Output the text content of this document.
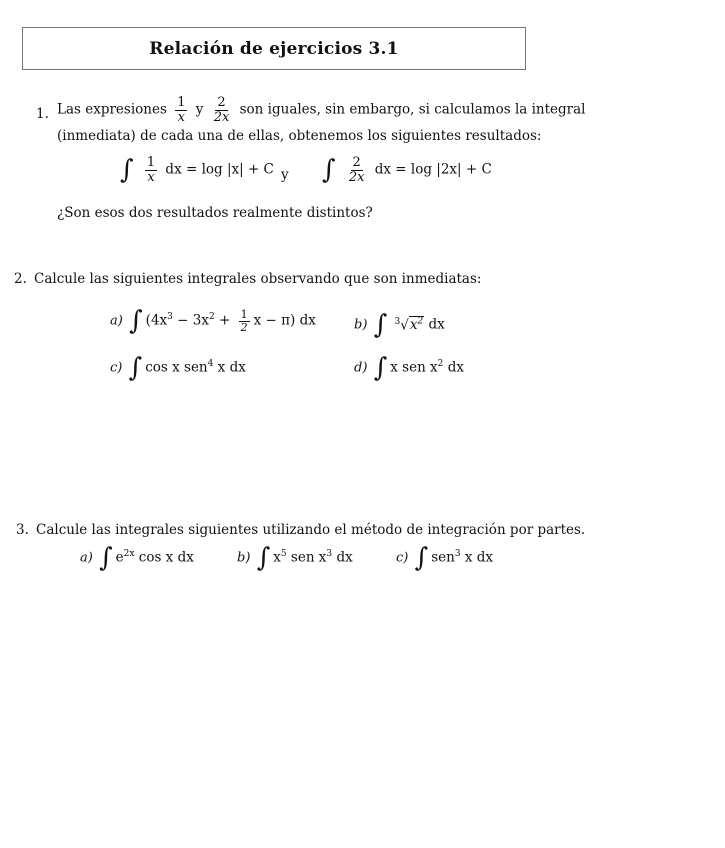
Relación de ejercicios 3.1
1. Las expresiones $\frac{1}{x}$ y $\frac{2}{2x}$ son iguales, sin embargo, si calculamos la integral
(inmediata) de cada una de ellas, obtenemos los siguientes resultados:
∫ $\frac{1}{x}$ dx = log |x| + C y ∫ $\frac{2}{2x}$ dx = log |2x| + C
¿Son esos dos resultados realmente distintos?
2. Calcule las siguientes integrales observando que son inmediatas:
a) ∫ ($4x^3 - 3x^2 + \frac{1}{2}$ x − π) dx	b) ∫ $^3√x^2$ dx
c) ∫ cos x sen$^4$ x dx	d) ∫ x sen $x^2$ dx
3. Calcule las integrales siguientes utilizando el método de integración por partes.
a) ∫ $e^{2x}$ cos x dx	b) ∫ $x^5$ sen $x^3$ dx	c) ∫ sen$^3$ x dx
